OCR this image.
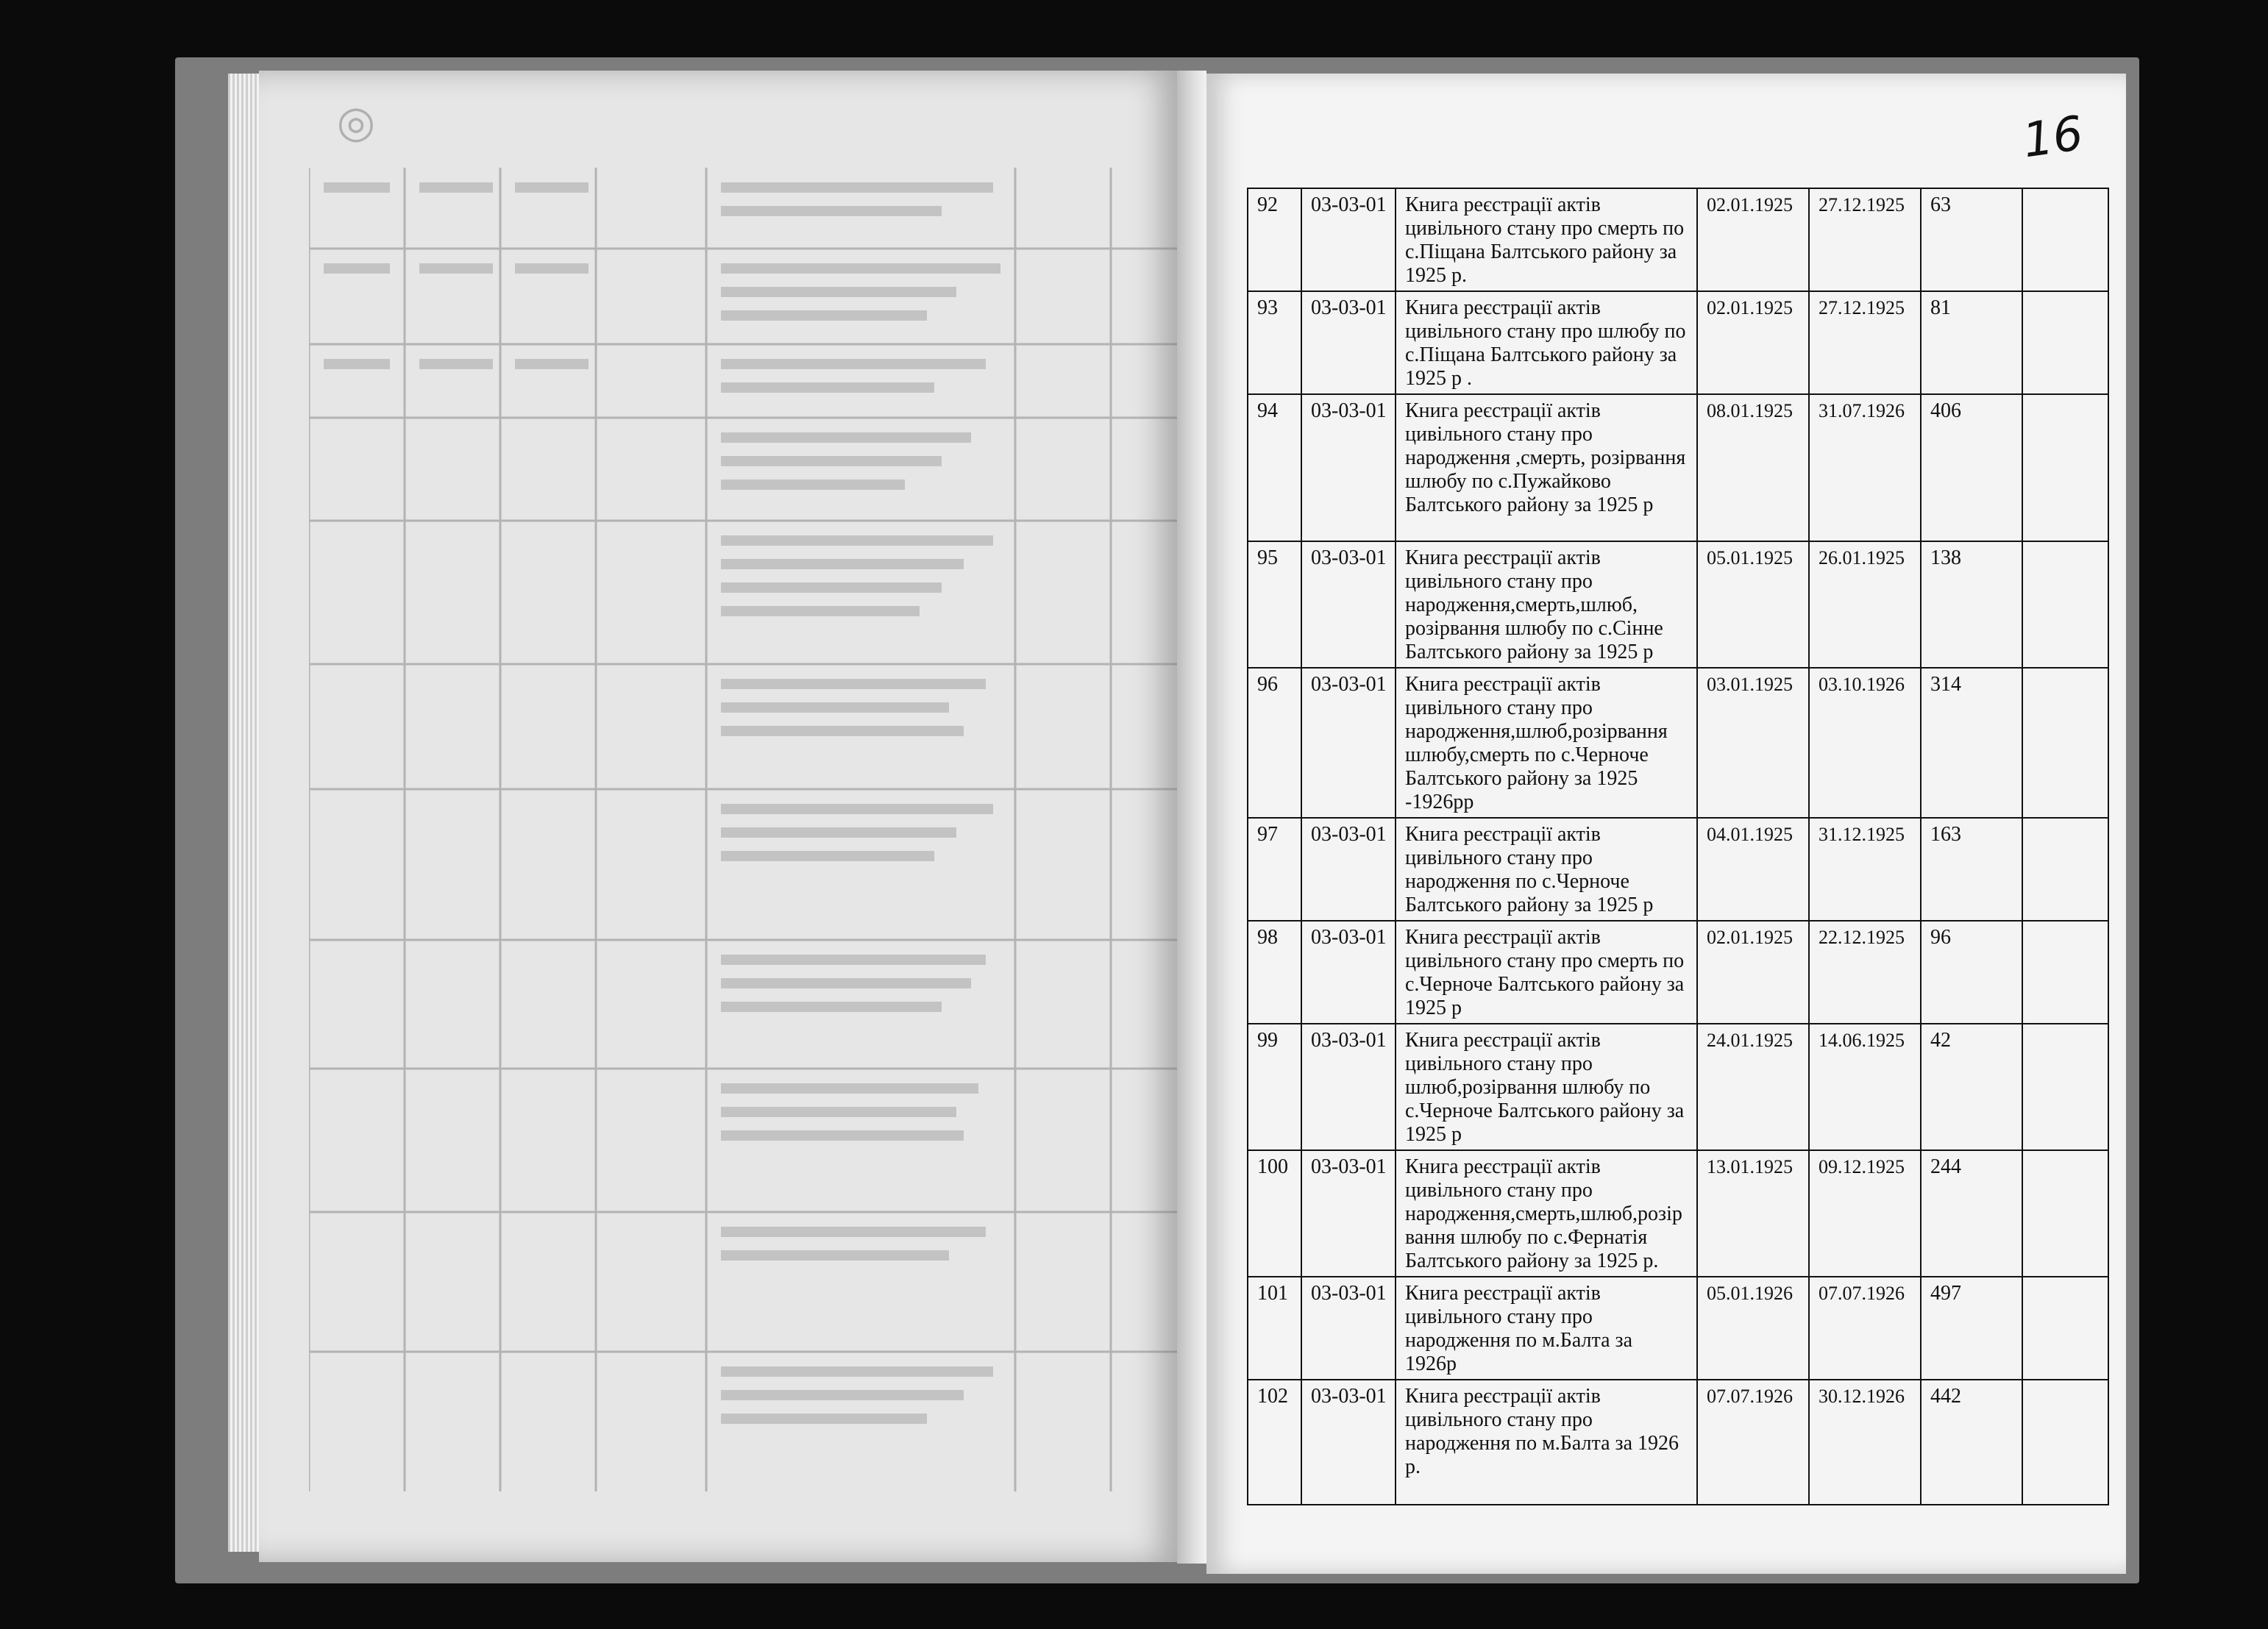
◎	16
92	03-03-01	Книга реєстрації актів цивільного стану про смерть по с.Піщана Балтського району за 1925 р.	02.01.1925	27.12.1925	63	
93	03-03-01	Книга реєстрації актів цивільного стану про шлюбу по с.Піщана Балтського району за 1925 р .	02.01.1925	27.12.1925	81	
94	03-03-01	Книга реєстрації актів цивільного стану про народження ,смерть, розірвання шлюбу по с.Пужайково Балтського району за 1925 р	08.01.1925	31.07.1926	406	
95	03-03-01	Книга реєстрації актів цивільного стану про народження,смерть,шлюб, розірвання шлюбу по с.Сінне Балтського району за 1925 р	05.01.1925	26.01.1925	138	
96	03-03-01	Книга реєстрації актів цивільного стану про народження,шлюб,розірвання шлюбу,смерть по с.Черноче Балтського району за 1925 -1926рр	03.01.1925	03.10.1926	314	
97	03-03-01	Книга реєстрації актів цивільного стану про народження по с.Черноче Балтського району за 1925 р	04.01.1925	31.12.1925	163	
98	03-03-01	Книга реєстрації актів цивільного стану про смерть по с.Черноче Балтського району за 1925 р	02.01.1925	22.12.1925	96	
99	03-03-01	Книга реєстрації актів цивільного стану про шлюб,розірвання шлюбу по с.Черноче Балтського району за 1925 р	24.01.1925	14.06.1925	42	
100	03-03-01	Книга реєстрації актів цивільного стану про народження,смерть,шлюб,розірвання шлюбу по с.Фернатія Балтського району за 1925 р.	13.01.1925	09.12.1925	244	
101	03-03-01	Книга реєстрації актів цивільного стану про народження по м.Балта за 1926р	05.01.1926	07.07.1926	497	
102	03-03-01	Книга реєстрації актів цивільного стану про народження по м.Балта за 1926 р.	07.07.1926	30.12.1926	442	
